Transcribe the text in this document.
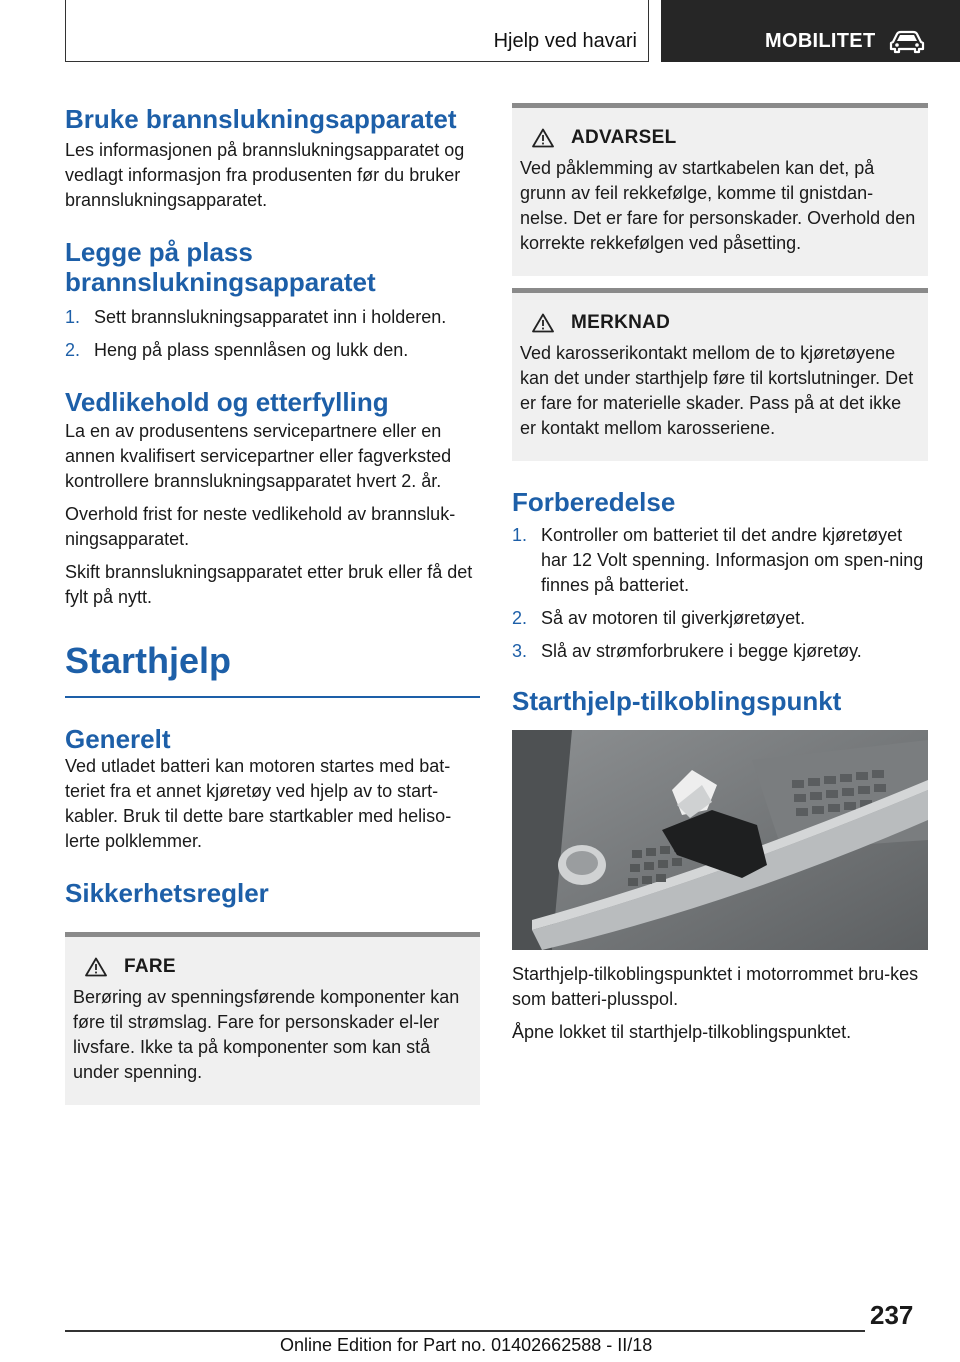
Hjelp ved havari	MOBILITET
Bruke brannslukningsapparatet

Les informasjonen på brannslukningsapparatet og vedlagt informasjon fra produsenten før du bruker brannslukningsapparatet.

Legge på plass
brannslukningsapparatet
1. Sett brannslukningsapparatet inn i holderen.
2. Heng på plass spennlåsen og lukk den.
Vedlikehold og etterfylling

La en av produsentens servicepartnere eller en annen kvalifisert servicepartner eller fagverksted kontrollere brannslukningsapparatet hvert 2. år.

Overhold frist for neste vedlikehold av brannsluk-ningsapparatet.

Skift brannslukningsapparatet etter bruk eller få det fylt på nytt.

Starthjelp
Generelt

Ved utladet batteri kan motoren startes med bat-teriet fra et annet kjøretøy ved hjelp av to start-kabler. Bruk til dette bare startkabler med heliso-lerte polklemmer.

Sikkerhetsregler
FARE

Berøring av spenningsførende komponenter kan føre til strømslag. Fare for personskader el-ler livsfare. Ikke ta på komponenter som kan stå under spenning.

ADVARSEL

Ved påklemming av startkabelen kan det, på grunn av feil rekkefølge, komme til gnistdan-nelse. Det er fare for personskader. Overhold den korrekte rekkefølgen ved påsetting.

MERKNAD

Ved karosserikontakt mellom de to kjøretøyene kan det under starthjelp føre til kortslutninger. Det er fare for materielle skader. Pass på at det ikke er kontakt mellom karosseriene.

Forberedelse
1. Kontroller om batteriet til det andre kjøretøyet har 12 Volt spenning. Informasjon om spen-ning finnes på batteriet.
2. Så av motoren til giverkjøretøyet.
3. Slå av strømforbrukere i begge kjøretøy.
Starthjelp-tilkoblingspunkt

Starthjelp-tilkoblingspunktet i motorrommet bru-kes som batteri-plusspol.

Åpne lokket til starthjelp-tilkoblingspunktet.

237
Online Edition for Part no. 01402662588 - II/18
